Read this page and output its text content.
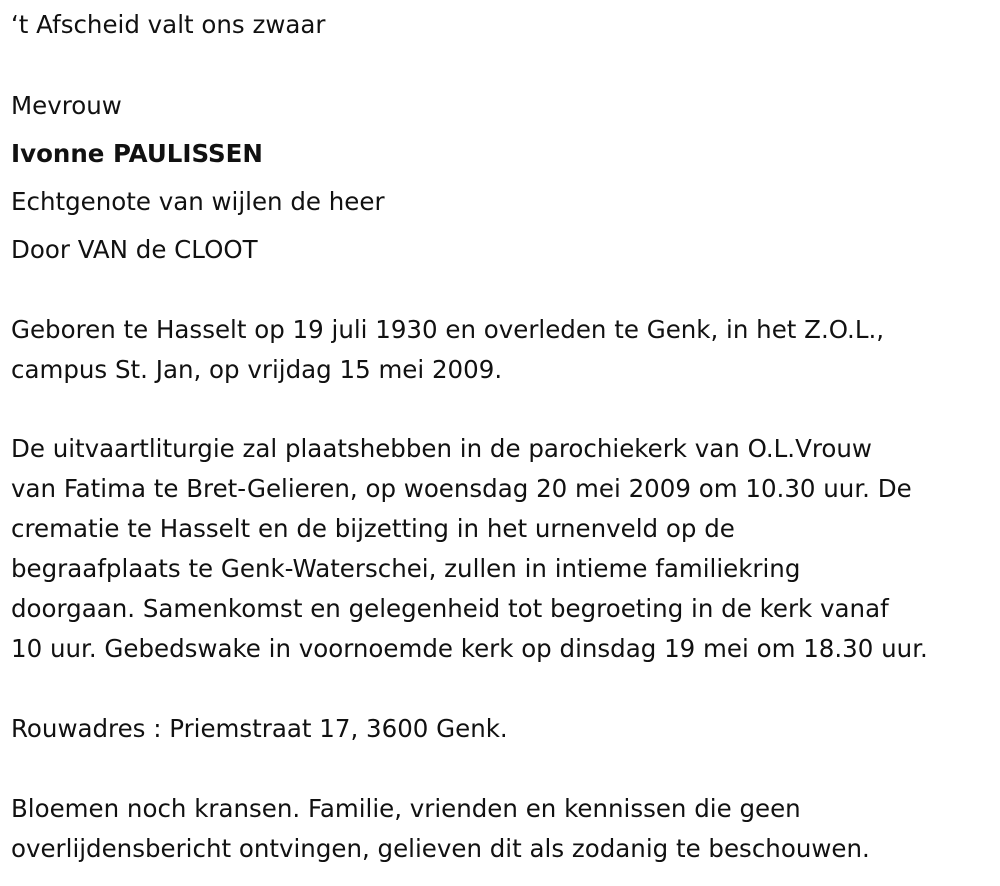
‘t Afscheid valt ons zwaar
Mevrouw
Ivonne PAULISSEN
Echtgenote van wijlen de heer
Door VAN de CLOOT
Geboren te Hasselt op 19 juli 1930 en overleden te Genk, in het Z.O.L.,
campus St. Jan, op vrijdag 15 mei 2009.
De uitvaartliturgie zal plaatshebben in de parochiekerk van O.L.Vrouw
van Fatima te Bret-Gelieren, op woensdag 20 mei 2009 om 10.30 uur. De
crematie te Hasselt en de bijzetting in het urnenveld op de
begraafplaats te Genk-Waterschei, zullen in intieme familiekring
doorgaan. Samenkomst en gelegenheid tot begroeting in de kerk vanaf
10 uur. Gebedswake in voornoemde kerk op dinsdag 19 mei om 18.30 uur.
Rouwadres : Priemstraat 17, 3600 Genk.
Bloemen noch kransen. Familie, vrienden en kennissen die geen
overlijdensbericht ontvingen, gelieven dit als zodanig te beschouwen.
